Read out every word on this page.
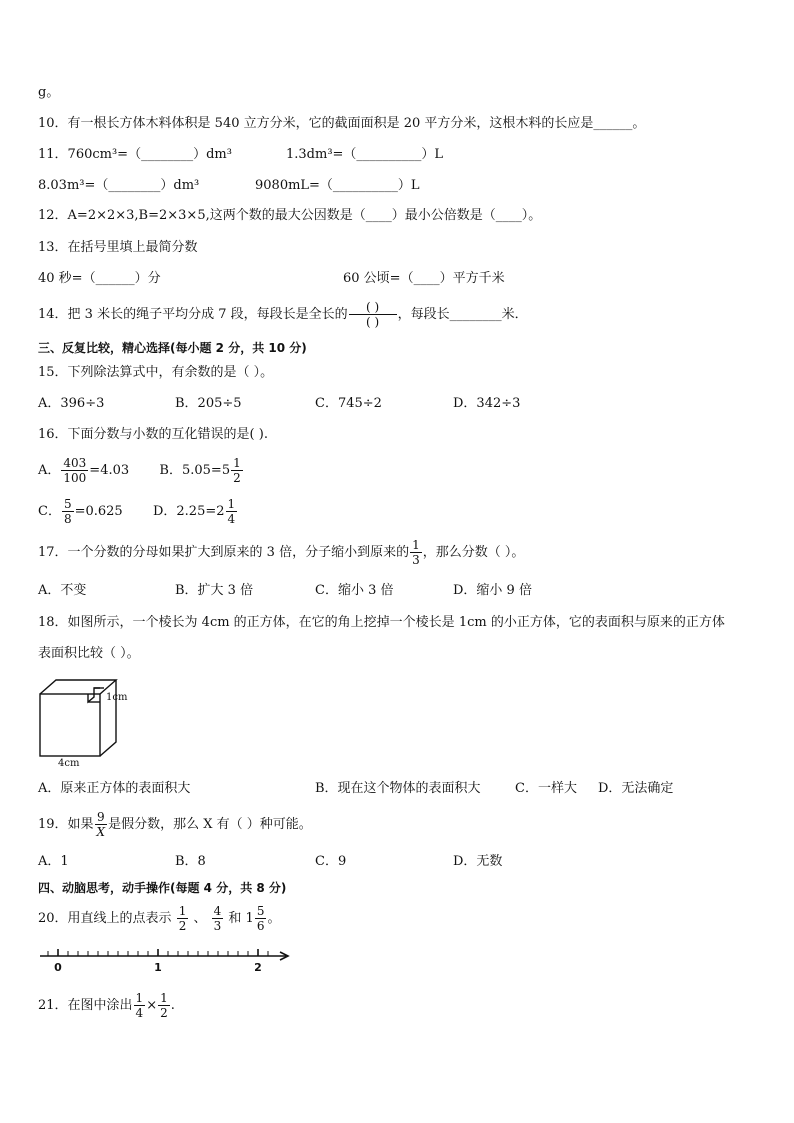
g。
10．有一根长方体木料体积是 540 立方分米，它的截面面积是 20 平方分米，这根木料的长应是______。
11．760cm³=（________）dm³	1.3dm³=（__________）L
8.03m³=（________）dm³	9080mL=（__________）L
12．A=2×2×3,B=2×3×5,这两个数的最大公因数是（____）最小公倍数是（____）。
13．在括号里填上最简分数
40 秒=（______）分	60 公顷=（____）平方千米
14．把 3 米长的绳子平均分成 7 段，每段长是全长的 $\frac{( )}{( )}$ ，每段长________米．
三、反复比较，精心选择(每小题 2 分，共 10 分)
15．下列除法算式中，有余数的是（ ）。
A．396÷3	B．205÷5	C．745÷2	D．342÷3
16．下面分数与小数的互化错误的是( ).
A． $\frac{403}{100} =4.03$ B．$5.05=5 \frac{1}{2}$
C． $\frac{5}{8} =0.625$ D．$2.25=2 \frac{1}{4}$
17．一个分数的分母如果扩大到原来的 3 倍，分子缩小到原来的 $\frac{1}{3}$ ，那么分数（ ）。
A．不变	B．扩大 3 倍	C．缩小 3 倍	D．缩小 9 倍
18．如图所示，一个棱长为 4cm 的正方体，在它的角上挖掉一个棱长是 1cm 的小正方体，它的表面积与原来的正方体
表面积比较（ ）。
1cm
4cm
A．原来正方体的表面积大	B．现在这个物体的表面积大	C．一样大 D．无法确定
19．如果 $\frac{9}{X}$ 是假分数，那么 X 有（ ）种可能。
A．1	B．8	C．9	D．无数
四、动脑思考，动手操作(每题 4 分，共 8 分)
20．用直线上的点表示 $\frac{1}{2}$ 、 $\frac{4}{3}$ 和 $1 \frac{5}{6}$ 。
0	1	2
21．在图中涂出 $\frac{1}{4} \times \frac{1}{2}$ .
